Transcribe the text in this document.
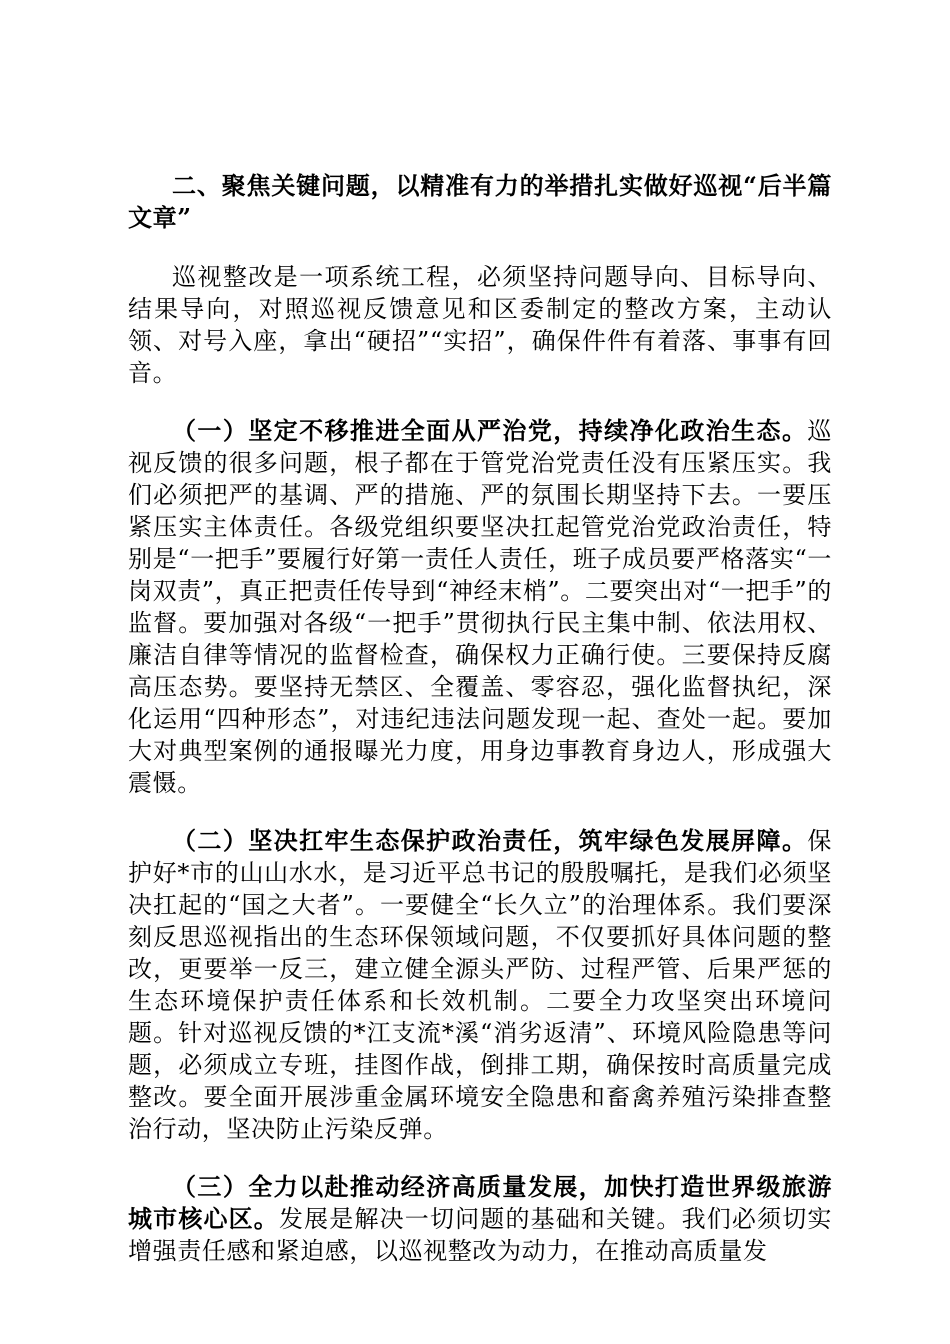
二、聚焦关键问题，以精准有力的举措扎实做好巡视“后半篇文章”

巡视整改是一项系统工程，必须坚持问题导向、目标导向、结果导向，对照巡视反馈意见和区委制定的整改方案，主动认领、对号入座，拿出“硬招”“实招”，确保件件有着落、事事有回音。

（一）坚定不移推进全面从严治党，持续净化政治生态。巡视反馈的很多问题，根子都在于管党治党责任没有压紧压实。我们必须把严的基调、严的措施、严的氛围长期坚持下去。一要压紧压实主体责任。各级党组织要坚决扛起管党治党政治责任，特别是“一把手”要履行好第一责任人责任，班子成员要严格落实“一岗双责”，真正把责任传导到“神经末梢”。二要突出对“一把手”的监督。要加强对各级“一把手”贯彻执行民主集中制、依法用权、廉洁自律等情况的监督检查，确保权力正确行使。三要保持反腐高压态势。要坚持无禁区、全覆盖、零容忍，强化监督执纪，深化运用“四种形态”，对违纪违法问题发现一起、查处一起。要加大对典型案例的通报曝光力度，用身边事教育身边人，形成强大震慑。

（二）坚决扛牢生态保护政治责任，筑牢绿色发展屏障。保护好*市的山山水水，是习近平总书记的殷殷嘱托，是我们必须坚决扛起的“国之大者”。一要健全“长久立”的治理体系。我们要深刻反思巡视指出的生态环保领域问题，不仅要抓好具体问题的整改，更要举一反三，建立健全源头严防、过程严管、后果严惩的生态环境保护责任体系和长效机制。二要全力攻坚突出环境问题。针对巡视反馈的*江支流*溪“消劣返清”、环境风险隐患等问题，必须成立专班，挂图作战，倒排工期，确保按时高质量完成整改。要全面开展涉重金属环境安全隐患和畜禽养殖污染排查整治行动，坚决防止污染反弹。

（三）全力以赴推动经济高质量发展，加快打造世界级旅游城市核心区。发展是解决一切问题的基础和关键。我们必须切实增强责任感和紧迫感，以巡视整改为动力，在推动高质量发
